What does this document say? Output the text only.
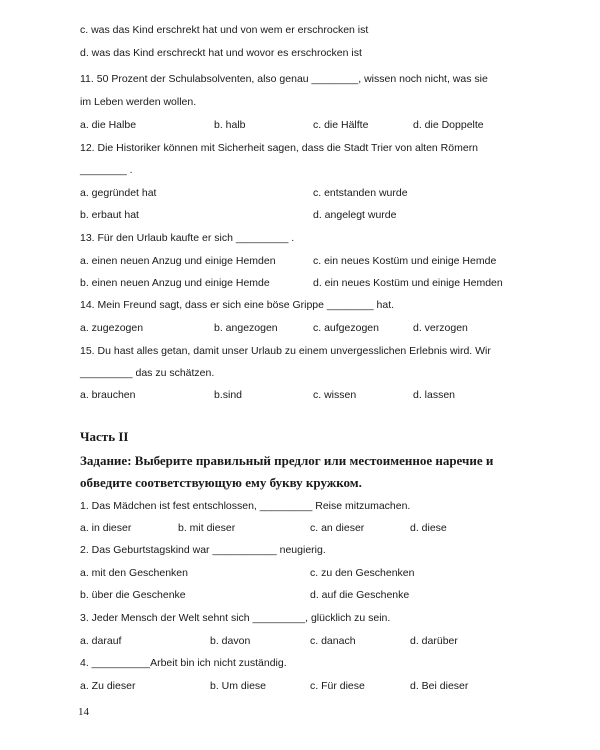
c. was das Kind erschrekt hat und von wem er erschrocken ist
d. was das Kind erschreckt hat und wovor es erschrocken ist
11. 50 Prozent der Schulabsolventen, also genau ________, wissen noch nicht, was sie
im Leben werden wollen.
a. die Halbe	b. halb	c. die Hälfte	d. die Doppelte
12. Die Historiker können mit Sicherheit sagen, dass die Stadt Trier von alten Römern
________ .
a. gegründet hat	c. entstanden wurde
b. erbaut hat	d. angelegt wurde
13. Für den Urlaub kaufte er sich _________ .
a. einen neuen Anzug und einige Hemden	c. ein neues Kostüm und einige Hemde
b. einen neuen Anzug und einige Hemde	d. ein neues Kostüm und einige Hemden
14. Mein Freund sagt, dass er sich eine böse Grippe ________ hat.
a. zugezogen	b. angezogen	c. aufgezogen	d. verzogen
15. Du hast alles getan, damit unser Urlaub zu einem unvergesslichen Erlebnis wird. Wir
_________ das zu schätzen.
a. brauchen	b.sind	c. wissen	d. lassen
Часть II
Задание: Выберите правильный предлог или местоименное наречие и
обведите соответствующую ему букву кружком.
1. Das Mädchen ist fest entschlossen, _________ Reise mitzumachen.
a. in dieser	b. mit dieser	c. an dieser	d. diese
2. Das Geburtstagskind war ___________ neugierig.
a. mit den Geschenken	c. zu den Geschenken
b. über die Geschenke	d. auf die Geschenke
3. Jeder Mensch der Welt sehnt sich _________, glücklich zu sein.
a. darauf	b. davon	c. danach	d. darüber
4. __________Arbeit bin ich nicht zuständig.
a. Zu dieser	b. Um diese	c. Für diese	d. Bei dieser
14
